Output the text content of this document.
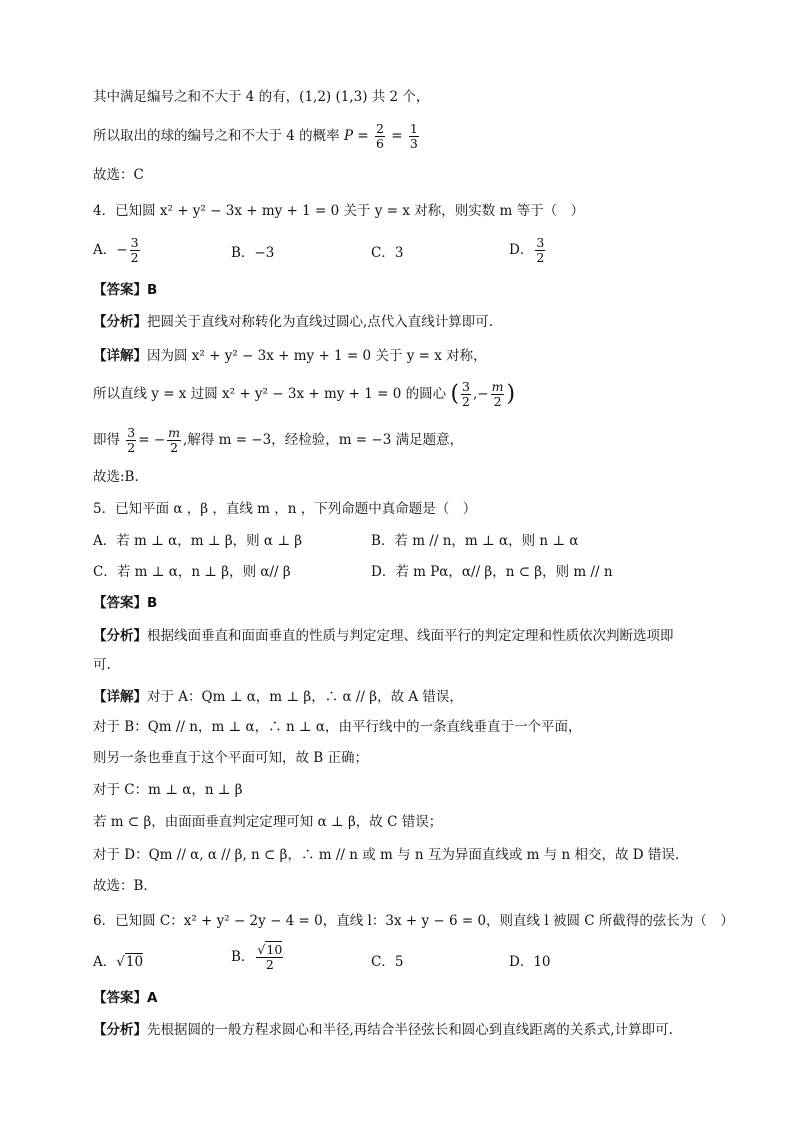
其中满足编号之和不大于 4 的有，(1,2) (1,3) 共 2 个，
所以取出的球的编号之和不大于 4 的概率 $P = \frac{2}{6} = \frac{1}{3}$
故选：C
4．已知圆 x² + y² − 3x + my + 1 = 0 关于 y = x 对称，则实数 m 等于（　）
A．− $\frac{3}{2}$	B．−3	C．3	D． $\frac{3}{2}$
【答案】B
【分析】把圆关于直线对称转化为直线过圆心,点代入直线计算即可.
【详解】因为圆 x² + y² − 3x + my + 1 = 0 关于 y = x 对称，
所以直线 y = x 过圆 x² + y² − 3x + my + 1 = 0 的圆心 ( $\frac{3}{2}$ ,− $\frac{m}{2}$ )
即得 $\frac{3}{2}$ = − $\frac{m}{2}$ ,解得 m = −3，经检验，m = −3 满足题意，
故选:B．
5．已知平面 α ，β ，直线 m ，n ，下列命题中真命题是（　）
A．若 m ⊥ α，m ⊥ β，则 α ⊥ β	B．若 m // n，m ⊥ α，则 n ⊥ α
C．若 m ⊥ α，n ⊥ β，则 α// β	D．若 m Pα，α// β，n ⊂ β，则 m // n
【答案】B
【分析】根据线面垂直和面面垂直的性质与判定定理、线面平行的判定定理和性质依次判断选项即
可.
【详解】对于 A：Qm ⊥ α，m ⊥ β，∴ α // β，故 A 错误，
对于 B：Qm // n，m ⊥ α，∴ n ⊥ α，由平行线中的一条直线垂直于一个平面，
则另一条也垂直于这个平面可知，故 B 正确；
对于 C：m ⊥ α，n ⊥ β
若 m ⊂ β，由面面垂直判定定理可知 α ⊥ β，故 C 错误；
对于 D：Qm // α, α // β, n ⊂ β，∴ m // n 或 m 与 n 互为异面直线或 m 与 n 相交，故 D 错误.
故选：B．
6．已知圆 C：x² + y² − 2y − 4 = 0，直线 l：3x + y − 6 = 0，则直线 l 被圆 C 所截得的弦长为（　）
A．√10	B． $\frac{√10}{2}$	C．5	D．10
【答案】A
【分析】先根据圆的一般方程求圆心和半径,再结合半径弦长和圆心到直线距离的关系式,计算即可.
